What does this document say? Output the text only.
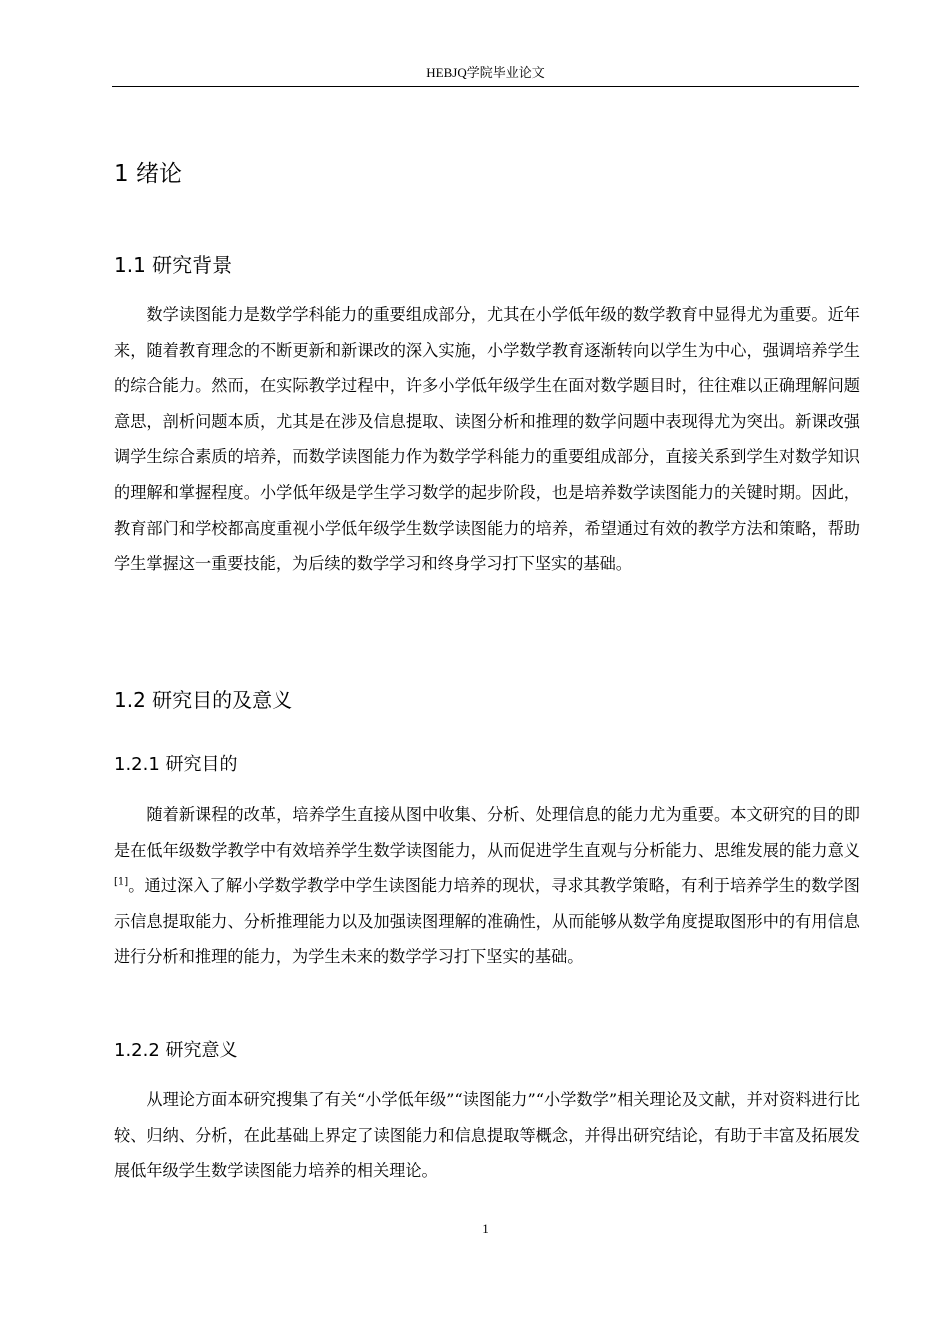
HEBJQ学院毕业论文
1 绪论
1.1 研究背景

数学读图能力是数学学科能力的重要组成部分，尤其在小学低年级的数学教育中显得尤为重要。近年来，随着教育理念的不断更新和新课改的深入实施，小学数学教育逐渐转向以学生为中心，强调培养学生的综合能力。然而，在实际教学过程中，许多小学低年级学生在面对数学题目时，往往难以正确理解问题意思，剖析问题本质，尤其是在涉及信息提取、读图分析和推理的数学问题中表现得尤为突出。新课改强调学生综合素质的培养，而数学读图能力作为数学学科能力的重要组成部分，直接关系到学生对数学知识的理解和掌握程度。小学低年级是学生学习数学的起步阶段，也是培养数学读图能力的关键时期。因此，教育部门和学校都高度重视小学低年级学生数学读图能力的培养，希望通过有效的教学方法和策略，帮助学生掌握这一重要技能，为后续的数学学习和终身学习打下坚实的基础。

1.2 研究目的及意义
1.2.1 研究目的

随着新课程的改革，培养学生直接从图中收集、分析、处理信息的能力尤为重要。本文研究的目的即是在低年级数学教学中有效培养学生数学读图能力，从而促进学生直观与分析能力、思维发展的能力意义[1]。通过深入了解小学数学教学中学生读图能力培养的现状，寻求其教学策略，有利于培养学生的数学图示信息提取能力、分析推理能力以及加强读图理解的准确性，从而能够从数学角度提取图形中的有用信息进行分析和推理的能力，为学生未来的数学学习打下坚实的基础。

1.2.2 研究意义

从理论方面本研究搜集了有关“小学低年级”“读图能力”“小学数学”相关理论及文献，并对资料进行比较、归纳、分析，在此基础上界定了读图能力和信息提取等概念，并得出研究结论，有助于丰富及拓展发展低年级学生数学读图能力培养的相关理论。

1
